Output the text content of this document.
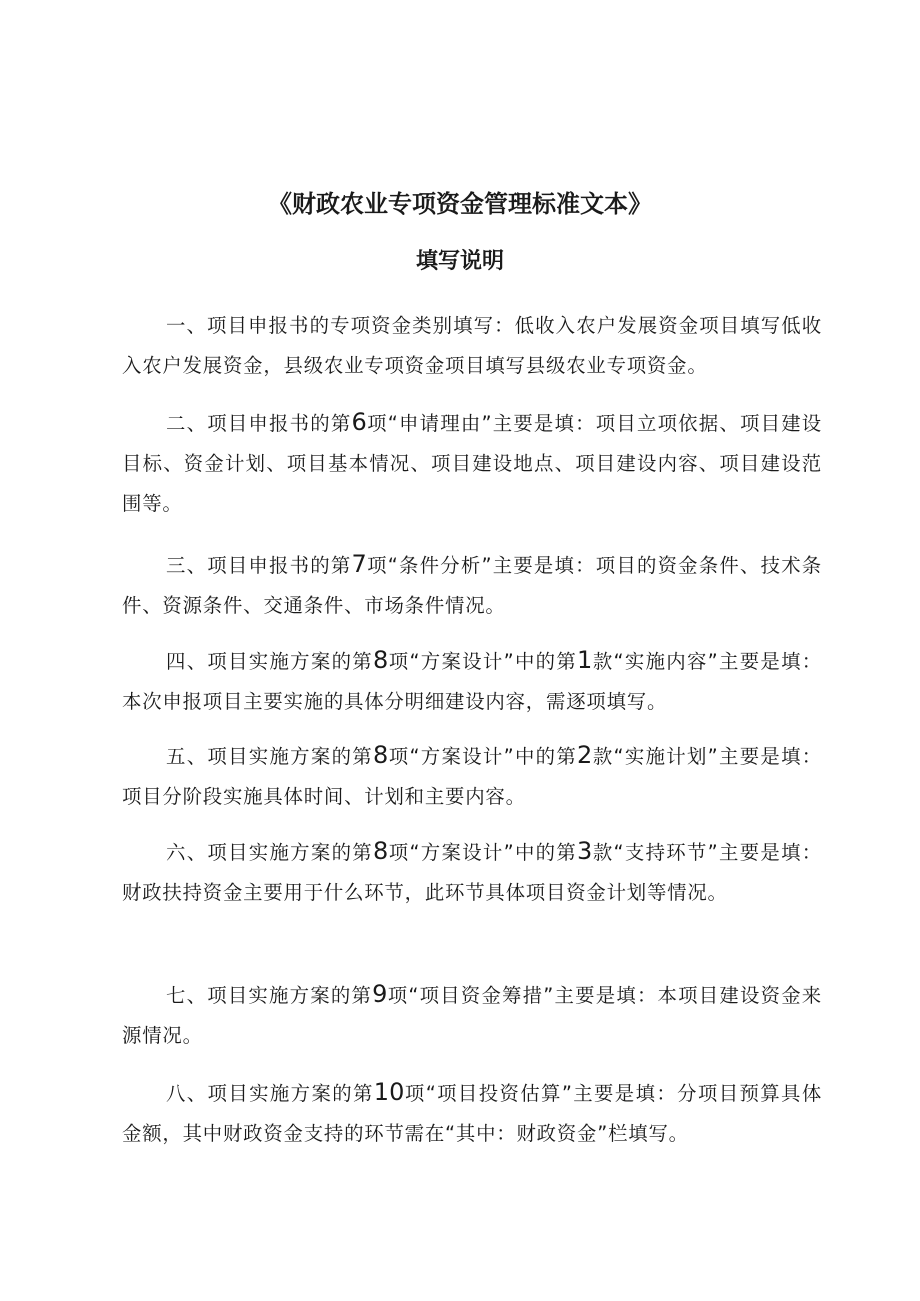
《财政农业专项资金管理标准文本》
填写说明

一、项目申报书的专项资金类别填写：低收入农户发展资金项目填写低收入农户发展资金，县级农业专项资金项目填写县级农业专项资金。

二、项目申报书的第6项“申请理由”主要是填：项目立项依据、项目建设目标、资金计划、项目基本情况、项目建设地点、项目建设内容、项目建设范围等。

三、项目申报书的第7项“条件分析”主要是填：项目的资金条件、技术条件、资源条件、交通条件、市场条件情况。

四、项目实施方案的第8项“方案设计”中的第1款“实施内容”主要是填：本次申报项目主要实施的具体分明细建设内容，需逐项填写。

五、项目实施方案的第8项“方案设计”中的第2款“实施计划”主要是填：项目分阶段实施具体时间、计划和主要内容。

六、项目实施方案的第8项“方案设计”中的第3款“支持环节”主要是填：财政扶持资金主要用于什么环节，此环节具体项目资金计划等情况。

七、项目实施方案的第9项“项目资金筹措”主要是填：本项目建设资金来源情况。

八、项目实施方案的第10项“项目投资估算”主要是填：分项目预算具体金额，其中财政资金支持的环节需在“其中：财政资金”栏填写。
